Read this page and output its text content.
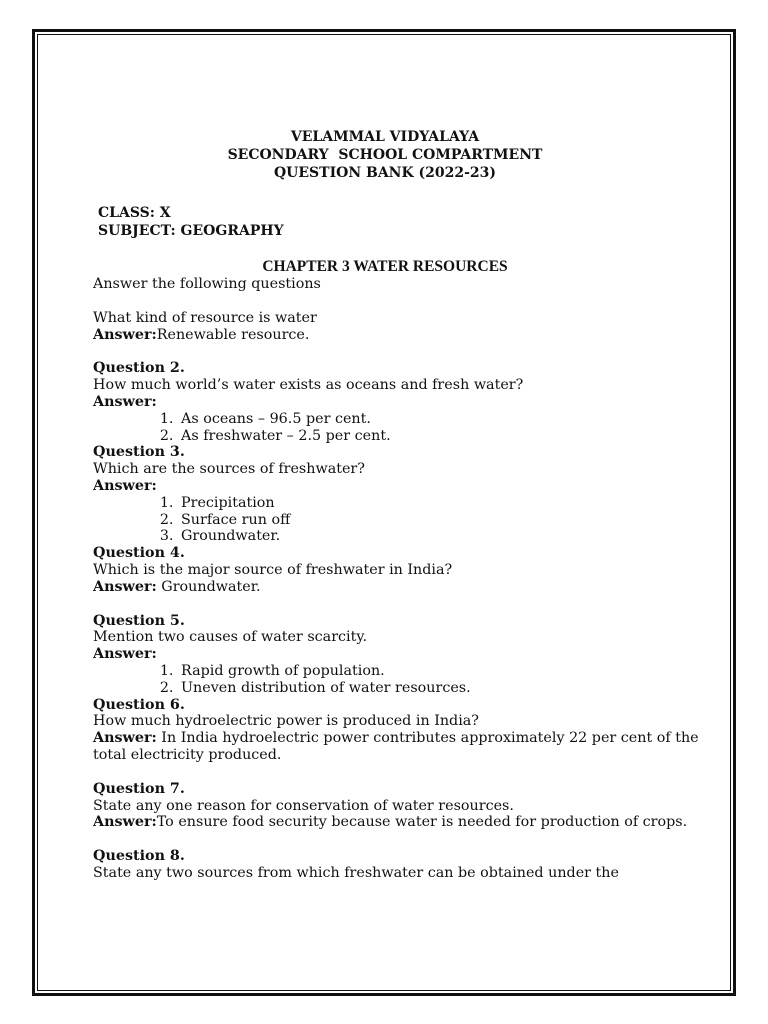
VELAMMAL VIDYALAYA
SECONDARY  SCHOOL COMPARTMENT
QUESTION BANK (2022-23)
CLASS: X
SUBJECT: GEOGRAPHY
CHAPTER 3 WATER RESOURCES
Answer the following questions
What kind of resource is water
Answer:Renewable resource.
Question 2.
How much world’s water exists as oceans and fresh water?
Answer:
1. As oceans – 96.5 per cent.
2. As freshwater – 2.5 per cent.
Question 3.
Which are the sources of freshwater?
Answer:
1. Precipitation
2. Surface run off
3. Groundwater.
Question 4.
Which is the major source of freshwater in India?
Answer: Groundwater.
Question 5.
Mention two causes of water scarcity.
Answer:
1. Rapid growth of population.
2. Uneven distribution of water resources.
Question 6.
How much hydroelectric power is produced in India?
Answer: In India hydroelectric power contributes approximately 22 per cent of the total electricity produced.
Question 7.
State any one reason for conservation of water resources.
Answer:To ensure food security because water is needed for production of crops.
Question 8.
State any two sources from which freshwater can be obtained under the
